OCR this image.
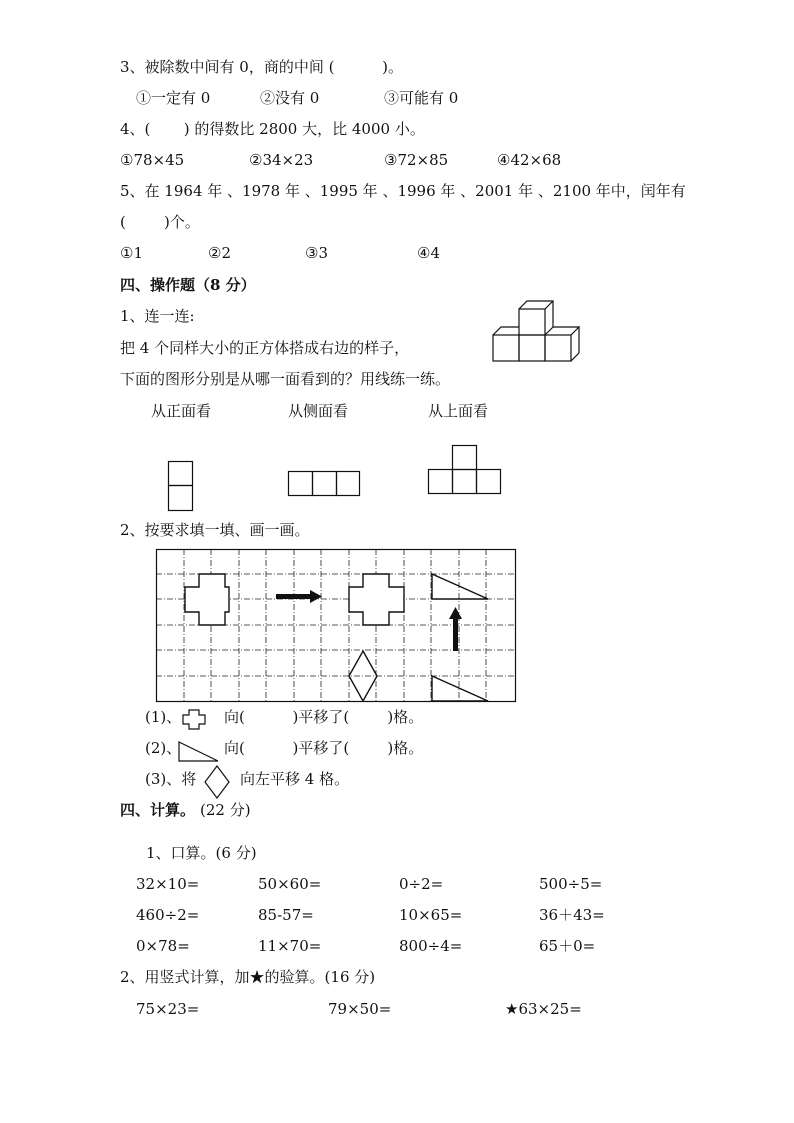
3、被除数中间有 0，商的中间 (          )。
①一定有 0	②没有 0	③可能有 0
4、(       ) 的得数比 2800 大，比 4000 小。
①78×45	②34×23	③72×85	④42×68
5、在 1964 年 、1978 年 、1995 年 、1996 年 、2001 年 、2100 年中，闰年有
(        )个。
①1	②2	③3	④4
四、操作题（8 分）
1、连一连:
把 4 个同样大小的正方体搭成右边的样子，
下面的图形分别是从哪一面看到的？用线练一练。
从正面看	从侧面看	从上面看
2、按要求填一填、画一画。
(1)、	向(          )平移了(        )格。
(2)、	向(          )平移了(        )格。
(3)、将	向左平移 4 格。
四、计算。 (22 分)
1、口算。(6 分)
32×10=	50×60=	0÷2=	500÷5=
460÷2=	85-57=	10×65=	36＋43=
0×78=	11×70=	800÷4=	65＋0=
2、用竖式计算，加★的验算。(16 分)
75×23=	79×50=	★63×25=
